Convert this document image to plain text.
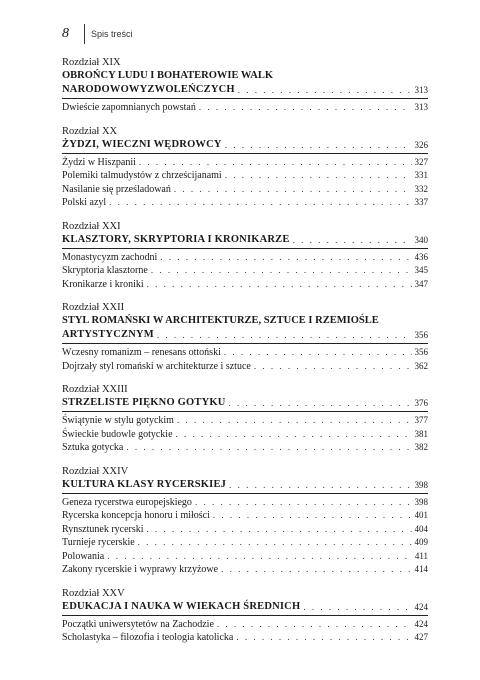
8	Spis treści
Rozdział XIX
OBROŃCY LUDU I BOHATEROWIE WALK
NARODOWOWYZWOLEŃCZYCH . . .	313
Dwieście zapomnianych powstań . . .	313
Rozdział XX
ŻYDZI, WIECZNI WĘDROWCY . . .	326
Żydzi w Hiszpanii . . .	327
Polemiki talmudystów z chrześcijanami . . .	331
Nasilanie się prześladowań . . .	332
Polski azyl . . .	337
Rozdział XXI
KLASZTORY, SKRYPTORIA I KRONIKARZE . . .	340
Monastycyzm zachodni . . .	436
Skryptoria klasztorne . . .	345
Kronikarze i kroniki . . .	347
Rozdział XXII
STYL ROMAŃSKI W ARCHITEKTURZE, SZTUCE I RZEMIOŚLE
ARTYSTYCZNYM . . .	356
Wczesny romanizm – renesans ottoński . . .	356
Dojrzały styl romański w architekturze i sztuce . . .	362
Rozdział XXIII
STRZELISTE PIĘKNO GOTYKU . . .	376
Świątynie w stylu gotyckim . . .	377
Świeckie budowle gotyckie . . .	381
Sztuka gotycka . . .	382
Rozdział XXIV
KULTURA KLASY RYCERSKIEJ . . .	398
Geneza rycerstwa europejskiego . . .	398
Rycerska koncepcja honoru i miłości . . .	401
Rynsztunek rycerski . . .	404
Turnieje rycerskie . . .	409
Polowania . . .	411
Zakony rycerskie i wyprawy krzyżowe . . .	414
Rozdział XXV
EDUKACJA I NAUKA W WIEKACH ŚREDNICH . . .	424
Początki uniwersytetów na Zachodzie . . .	424
Scholastyka – filozofia i teologia katolicka . . .	427
